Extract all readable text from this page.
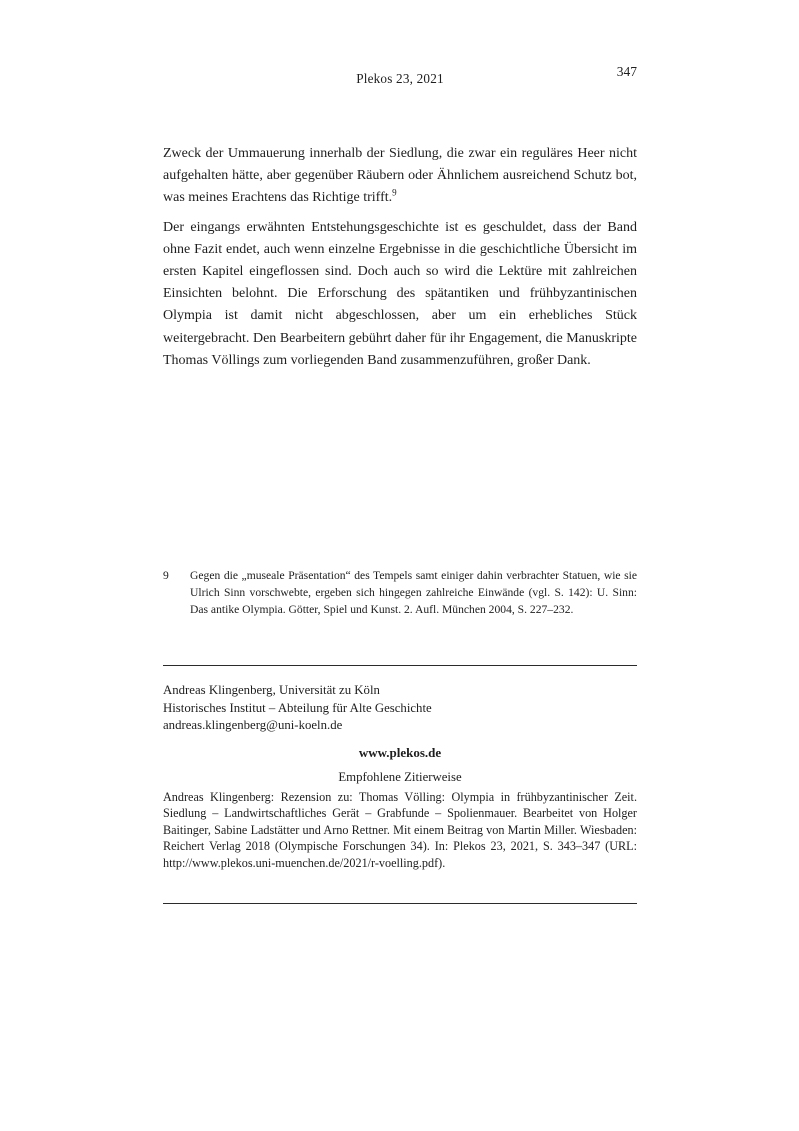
Plekos 23, 2021	347

Zweck der Ummauerung innerhalb der Siedlung, die zwar ein reguläres Heer nicht aufgehalten hätte, aber gegenüber Räubern oder Ähnlichem ausreichend Schutz bot, was meines Erachtens das Richtige trifft.$^9$

Der eingangs erwähnten Entstehungsgeschichte ist es geschuldet, dass der Band ohne Fazit endet, auch wenn einzelne Ergebnisse in die geschichtliche Übersicht im ersten Kapitel eingeflossen sind. Doch auch so wird die Lektüre mit zahlreichen Einsichten belohnt. Die Erforschung des spätantiken und frühbyzantinischen Olympia ist damit nicht abgeschlossen, aber um ein erhebliches Stück weitergebracht. Den Bearbeitern gebührt daher für ihr Engagement, die Manuskripte Thomas Völlings zum vorliegenden Band zusammenzuführen, großer Dank.

9 Gegen die „museale Präsentation“ des Tempels samt einiger dahin verbrachter Statuen, wie sie Ulrich Sinn vorschwebte, ergeben sich hingegen zahlreiche Einwände (vgl. S. 142): U. Sinn: Das antike Olympia. Götter, Spiel und Kunst. 2. Aufl. München 2004, S. 227–232.
Andreas Klingenberg, Universität zu Köln
Historisches Institut – Abteilung für Alte Geschichte
andreas.klingenberg@uni-koeln.de
www.plekos.de
Empfohlene Zitierweise

Andreas Klingenberg: Rezension zu: Thomas Völling: Olympia in frühbyzantinischer Zeit. Siedlung – Landwirtschaftliches Gerät – Grabfunde – Spolienmauer. Bearbeitet von Holger Baitinger, Sabine Ladstätter und Arno Rettner. Mit einem Beitrag von Martin Miller. Wiesbaden: Reichert Verlag 2018 (Olympische Forschungen 34). In: Plekos 23, 2021, S. 343–347 (URL: http://www.plekos.uni-muenchen.de/2021/r-voelling.pdf).
